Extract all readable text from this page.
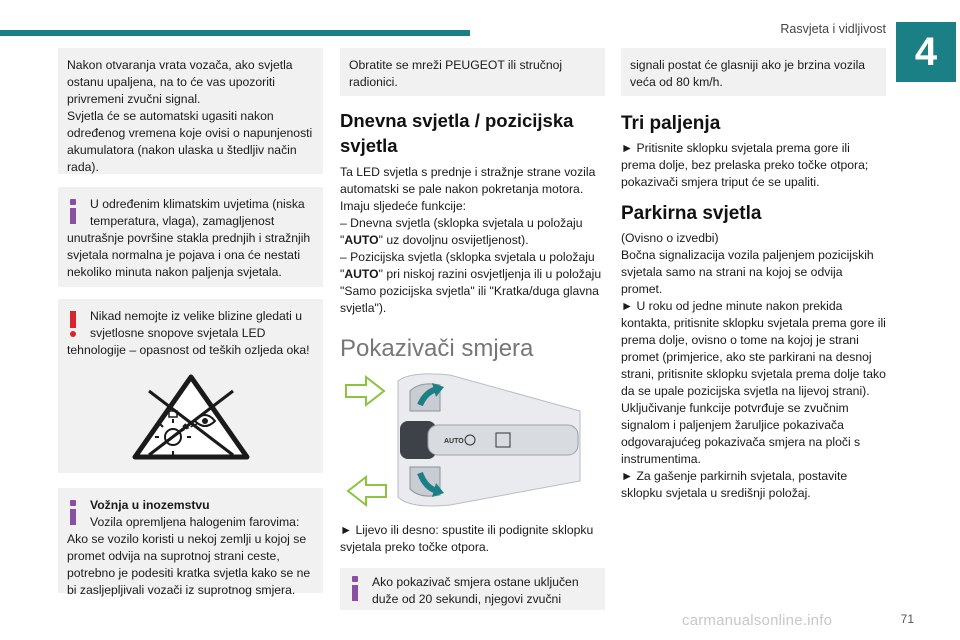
Rasvjeta i vidljivost
4

Nakon otvaranja vrata vozača, ako svjetla ostanu upaljena, na to će vas upozoriti privremeni zvučni signal.
Svjetla će se automatski ugasiti nakon određenog vremena koje ovisi o napunjenosti akumulatora (nakon ulaska u štedljiv način rada).

U određenim klimatskim uvjetima (niska temperatura, vlaga), zamagljenost
unutrašnje površine stakla prednjih i stražnjih svjetala normalna je pojava i ona će nestati nekoliko minuta nakon paljenja svjetala.
Nikad nemojte iz velike blizine gledati u svjetlosne snopove svjetala LED
tehnologije – opasnost od teških ozljeda oka!
Vožnja u inozemstvu
Vozila opremljena halogenim farovima:
Ako se vozilo koristi u nekoj zemlji u kojoj se promet odvija na suprotnoj strani ceste, potrebno je podesiti kratka svjetla kako se ne bi zasljepljivali vozači iz suprotnog smjera.

Obratite se mreži PEUGEOT ili stručnoj radionici.

Dnevna svjetla / pozicijska svjetla

Ta LED svjetla s prednje i stražnje strane vozila automatski se pale nakon pokretanja motora.

Imaju sljedeće funkcije:

– Dnevna svjetla (sklopka svjetala u položaju "AUTO" uz dovoljnu osvijetljenost).

– Pozicijska svjetla (sklopka svjetala u položaju "AUTO" pri niskoj razini osvjetljenja ili u položaju "Samo pozicijska svjetla" ili "Kratka/duga glavna svjetla").

Pokazivači smjera
AUTO
► Lijevo ili desno: spustite ili podignite sklopku svjetala preko točke otpora.
Ako pokazivač smjera ostane uključen
duže od 20 sekundi, njegovi zvučni

signali postat će glasniji ako je brzina vozila veća od 80 km/h.

Tri paljenja
► Pritisnite sklopku svjetala prema gore ili prema dolje, bez prelaska preko točke otpora; pokazivači smjera triput će se upaliti.
Parkirna svjetla
(Ovisno o izvedbi)
Bočna signalizacija vozila paljenjem pozicijskih svjetala samo na strani na kojoj se odvija promet.
► U roku od jedne minute nakon prekida kontakta, pritisnite sklopku svjetala prema gore ili prema dolje, ovisno o tome na kojoj je strani promet (primjerice, ako ste parkirani na desnoj strani, pritisnite sklopku svjetala prema dolje tako da se upale pozicijska svjetla na lijevoj strani).
Uključivanje funkcije potvrđuje se zvučnim signalom i paljenjem žaruljice pokazivača odgovarajućeg pokazivača smjera na ploči s instrumentima.
► Za gašenje parkirnih svjetala, postavite sklopku svjetala u središnji položaj.
carmanualsonline.info	71
